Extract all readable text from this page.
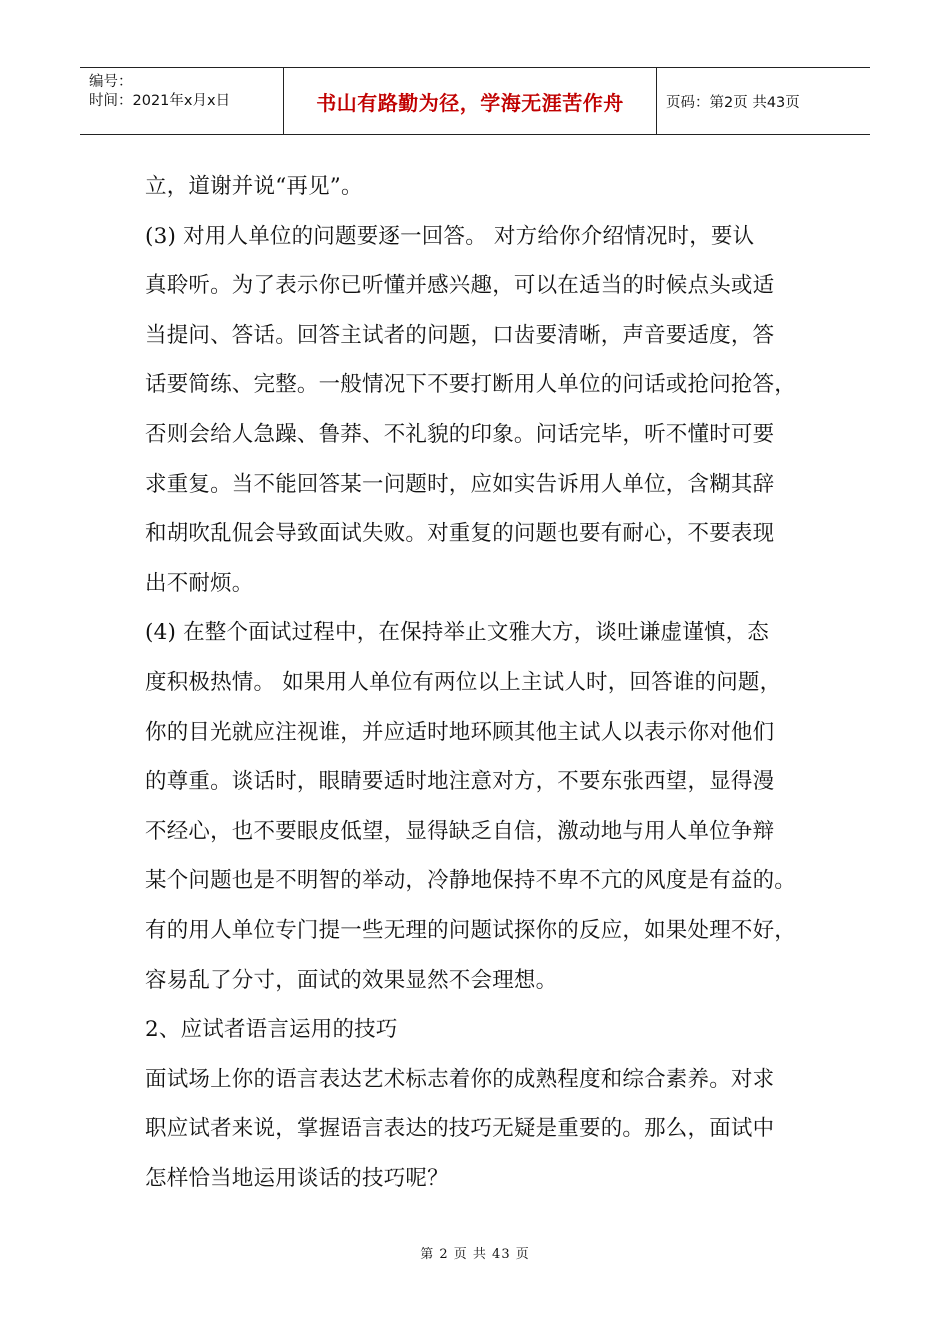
编号：
时间：2021年x月x日	书山有路勤为径，学海无涯苦作舟	页码：第2页 共43页
立，道谢并说“再见”。
(3) 对用人单位的问题要逐一回答。 对方给你介绍情况时，要认
真聆听。为了表示你已听懂并感兴趣，可以在适当的时候点头或适
当提问、答话。回答主试者的问题，口齿要清晰，声音要适度，答
话要简练、完整。一般情况下不要打断用人单位的问话或抢问抢答，
否则会给人急躁、鲁莽、不礼貌的印象。问话完毕，听不懂时可要
求重复。当不能回答某一问题时，应如实告诉用人单位，含糊其辞
和胡吹乱侃会导致面试失败。对重复的问题也要有耐心，不要表现
出不耐烦。
(4) 在整个面试过程中，在保持举止文雅大方，谈吐谦虚谨慎，态
度积极热情。 如果用人单位有两位以上主试人时，回答谁的问题，
你的目光就应注视谁，并应适时地环顾其他主试人以表示你对他们
的尊重。谈话时，眼睛要适时地注意对方，不要东张西望，显得漫
不经心，也不要眼皮低望，显得缺乏自信，激动地与用人单位争辩
某个问题也是不明智的举动，冷静地保持不卑不亢的风度是有益的。
有的用人单位专门提一些无理的问题试探你的反应，如果处理不好，
容易乱了分寸，面试的效果显然不会理想。
2、应试者语言运用的技巧
面试场上你的语言表达艺术标志着你的成熟程度和综合素养。对求
职应试者来说，掌握语言表达的技巧无疑是重要的。那么，面试中
怎样恰当地运用谈话的技巧呢？
第 2 页 共 43 页
